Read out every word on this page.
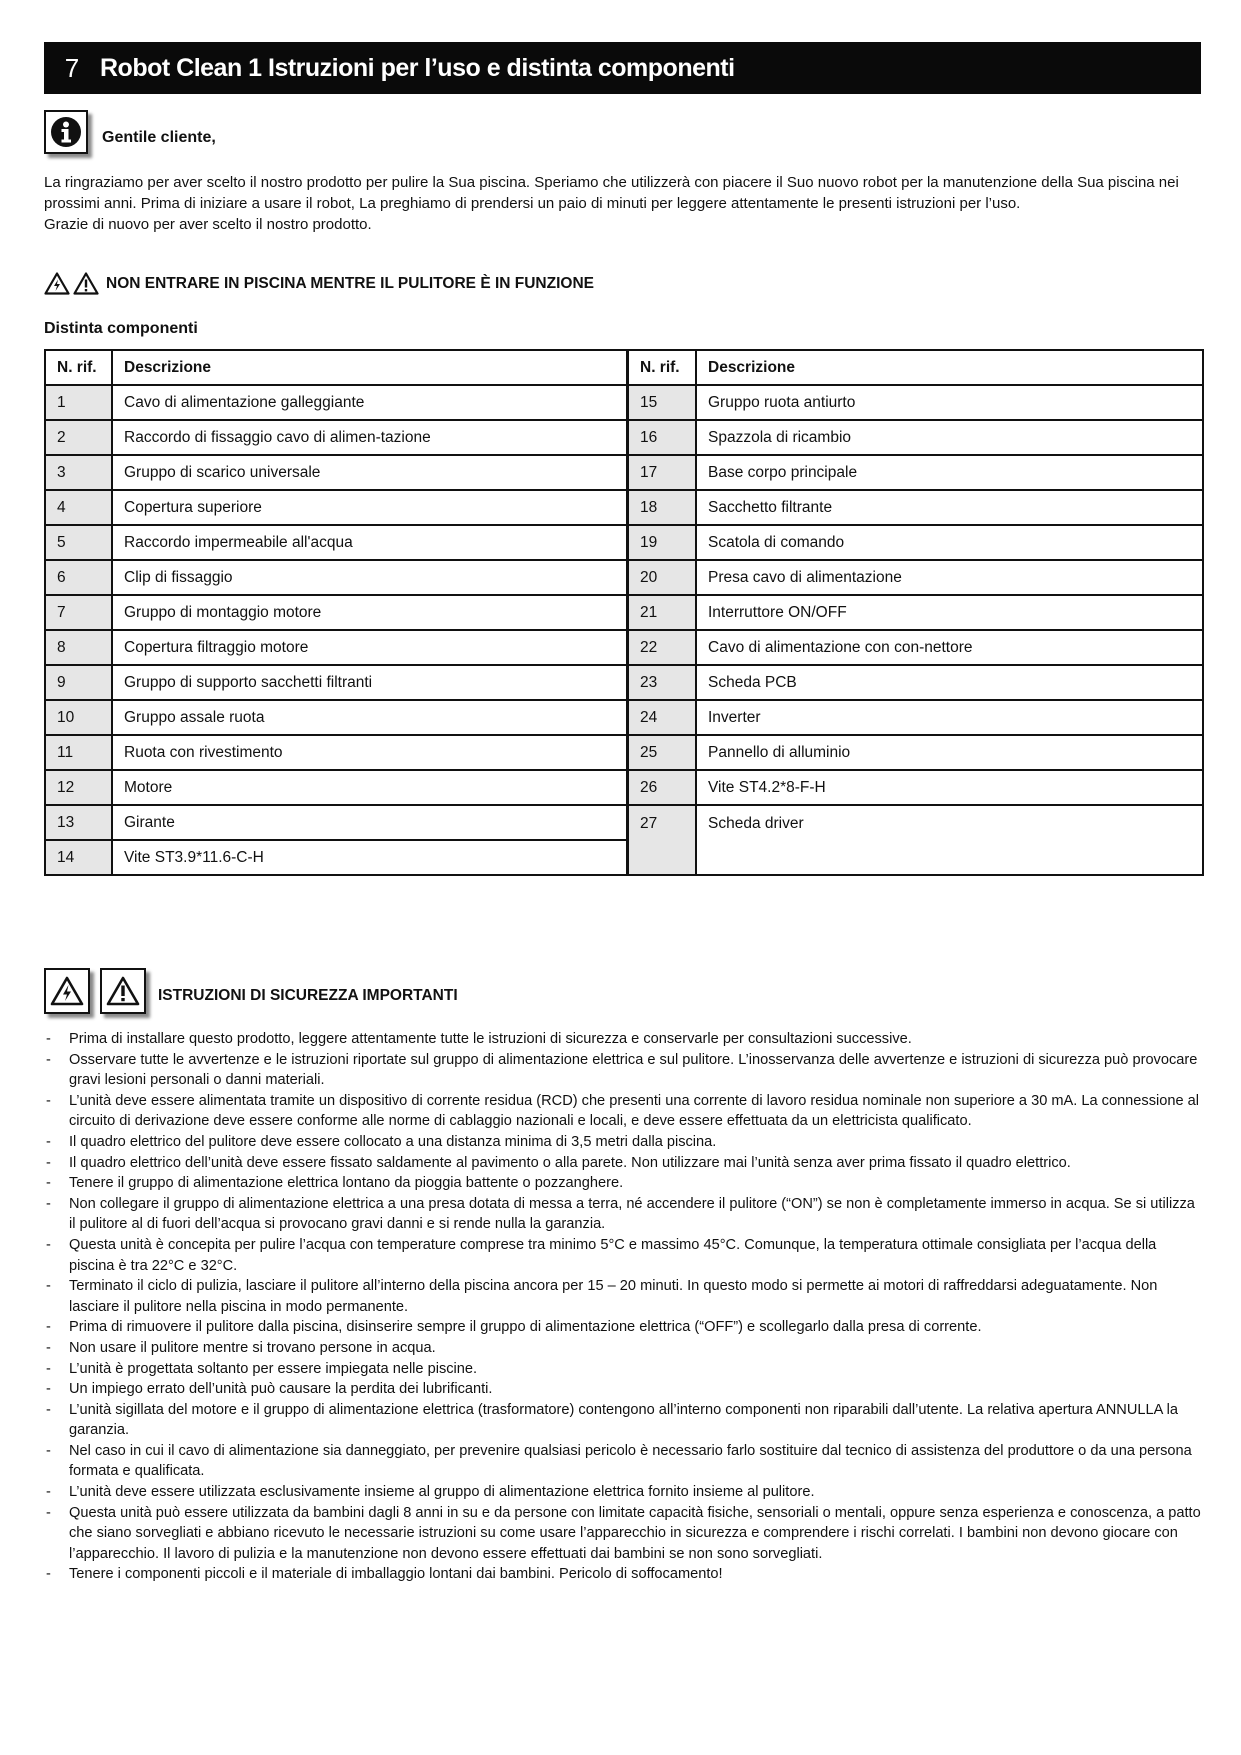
7 Robot Clean 1 Istruzioni per l’uso e distinta componenti
Gentile cliente,

La ringraziamo per aver scelto il nostro prodotto per pulire la Sua piscina. Speriamo che utilizzerà con piacere il Suo nuovo robot per la manutenzione della Sua piscina nei prossimi anni. Prima di iniziare a usare il robot, La preghiamo di prendersi un paio di minuti per leggere attentamente le presenti istruzioni per l’uso.

Grazie di nuovo per aver scelto il nostro prodotto.

NON ENTRARE IN PISCINA MENTRE IL PULITORE È IN FUNZIONE
Distinta componenti
N. rif.	Descrizione		N. rif.	Descrizione
1	Cavo di alimentazione galleggiante		15	Gruppo ruota antiurto
2	Raccordo di fissaggio cavo di alimen-tazione		16	Spazzola di ricambio
3	Gruppo di scarico universale		17	Base corpo principale
4	Copertura superiore		18	Sacchetto filtrante
5	Raccordo impermeabile all'acqua		19	Scatola di comando
6	Clip di fissaggio		20	Presa cavo di alimentazione
7	Gruppo di montaggio motore		21	Interruttore ON/OFF
8	Copertura filtraggio motore		22	Cavo di alimentazione con con-nettore
9	Gruppo di supporto sacchetti filtranti		23	Scheda PCB
10	Gruppo assale ruota		24	Inverter
11	Ruota con rivestimento		25	Pannello di alluminio
12	Motore		26	Vite ST4.2*8-F-H
13	Girante		27	Scheda driver
14	Vite ST3.9*11.6-C-H		
ISTRUZIONI DI SICUREZZA IMPORTANTI
- Prima di installare questo prodotto, leggere attentamente tutte le istruzioni di sicurezza e conservarle per consultazioni successive.
- Osservare tutte le avvertenze e le istruzioni riportate sul gruppo di alimentazione elettrica e sul pulitore. L’inosservanza delle avvertenze e istruzioni di sicurezza può provocare gravi lesioni personali o danni materiali.
- L’unità deve essere alimentata tramite un dispositivo di corrente residua (RCD) che presenti una corrente di lavoro residua nominale non superiore a 30 mA. La connessione al circuito di derivazione deve essere conforme alle norme di cablaggio nazionali e locali, e deve essere effettuata da un elettricista qualificato.
- Il quadro elettrico del pulitore deve essere collocato a una distanza minima di 3,5 metri dalla piscina.
- Il quadro elettrico dell’unità deve essere fissato saldamente al pavimento o alla parete. Non utilizzare mai l’unità senza aver prima fissato il quadro elettrico.
- Tenere il gruppo di alimentazione elettrica lontano da pioggia battente o pozzanghere.
- Non collegare il gruppo di alimentazione elettrica a una presa dotata di messa a terra, né accendere il pulitore (“ON”) se non è completamente immerso in acqua. Se si utilizza il pulitore al di fuori dell’acqua si provocano gravi danni e si rende nulla la garanzia.
- Questa unità è concepita per pulire l’acqua con temperature comprese tra minimo 5°C e massimo 45°C. Comunque, la temperatura ottimale consigliata per l’acqua della piscina è tra 22°C e 32°C.
- Terminato il ciclo di pulizia, lasciare il pulitore all’interno della piscina ancora per 15 – 20 minuti. In questo modo si permette ai motori di raffreddarsi adeguatamente. Non lasciare il pulitore nella piscina in modo permanente.
- Prima di rimuovere il pulitore dalla piscina, disinserire sempre il gruppo di alimentazione elettrica (“OFF”) e scollegarlo dalla presa di corrente.
- Non usare il pulitore mentre si trovano persone in acqua.
- L’unità è progettata soltanto per essere impiegata nelle piscine.
- Un impiego errato dell’unità può causare la perdita dei lubrificanti.
- L’unità sigillata del motore e il gruppo di alimentazione elettrica (trasformatore) contengono all’interno componenti non riparabili dall’utente. La relativa apertura ANNULLA la garanzia.
- Nel caso in cui il cavo di alimentazione sia danneggiato, per prevenire qualsiasi pericolo è necessario farlo sostituire dal tecnico di assistenza del produttore o da una persona formata e qualificata.
- L’unità deve essere utilizzata esclusivamente insieme al gruppo di alimentazione elettrica fornito insieme al pulitore.
- Questa unità può essere utilizzata da bambini dagli 8 anni in su e da persone con limitate capacità fisiche, sensoriali o mentali, oppure senza esperienza e conoscenza, a patto che siano sorvegliati e abbiano ricevuto le necessarie istruzioni su come usare l’apparecchio in sicurezza e comprendere i rischi correlati. I bambini non devono giocare con l’apparecchio. Il lavoro di pulizia e la manutenzione non devono essere effettuati dai bambini se non sono sorvegliati.
- Tenere i componenti piccoli e il materiale di imballaggio lontani dai bambini. Pericolo di soffocamento!
